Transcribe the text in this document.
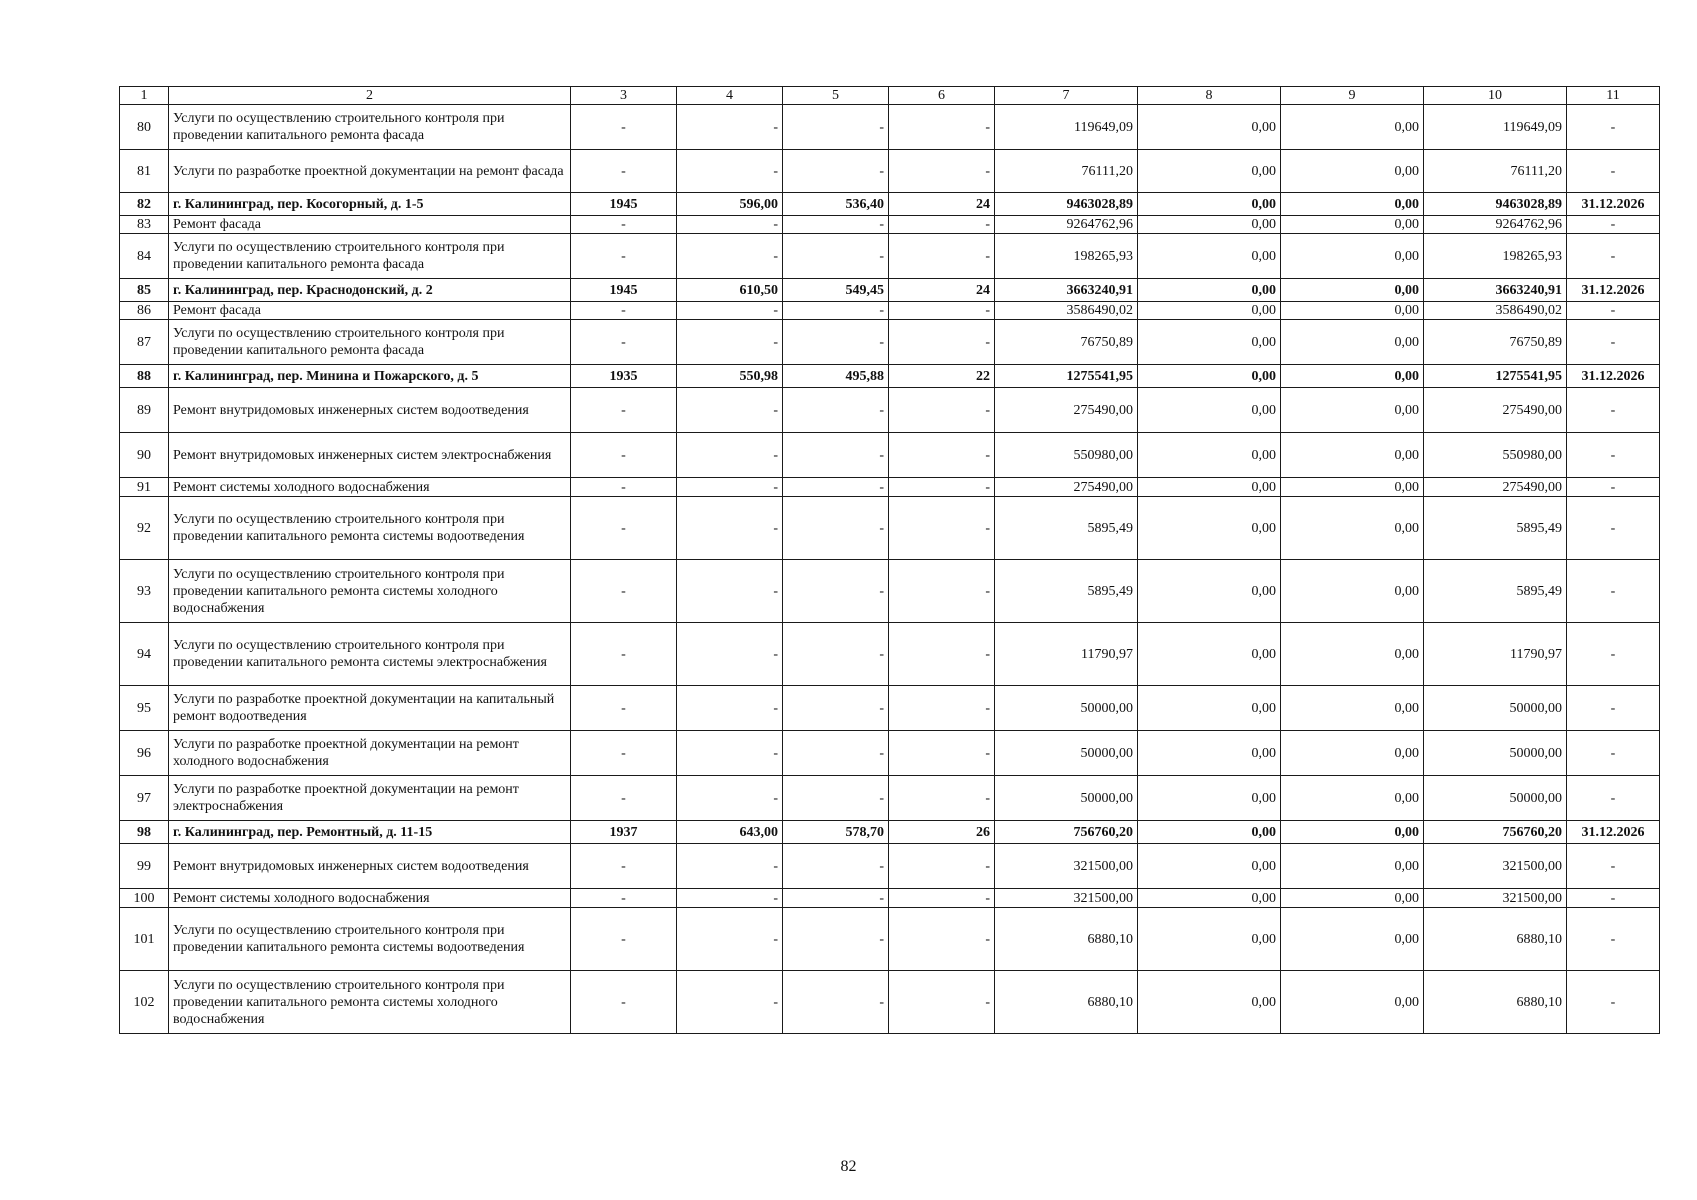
1	2	3	4	5	6	7	8	9	10	11
80	Услуги по осуществлению строительного контроля при проведении капитального ремонта фасада	-	-	-	-	119649,09	0,00	0,00	119649,09	-
81	Услуги по разработке проектной документации на ремонт фасада	-	-	-	-	76111,20	0,00	0,00	76111,20	-
82	г. Калининград, пер. Косогорный, д. 1-5	1945	596,00	536,40	24	9463028,89	0,00	0,00	9463028,89	31.12.2026
83	Ремонт фасада	-	-	-	-	9264762,96	0,00	0,00	9264762,96	-
84	Услуги по осуществлению строительного контроля при проведении капитального ремонта фасада	-	-	-	-	198265,93	0,00	0,00	198265,93	-
85	г. Калининград, пер. Краснодонский, д. 2	1945	610,50	549,45	24	3663240,91	0,00	0,00	3663240,91	31.12.2026
86	Ремонт фасада	-	-	-	-	3586490,02	0,00	0,00	3586490,02	-
87	Услуги по осуществлению строительного контроля при проведении капитального ремонта фасада	-	-	-	-	76750,89	0,00	0,00	76750,89	-
88	г. Калининград, пер. Минина и Пожарского, д. 5	1935	550,98	495,88	22	1275541,95	0,00	0,00	1275541,95	31.12.2026
89	Ремонт внутридомовых инженерных систем водоотведения	-	-	-	-	275490,00	0,00	0,00	275490,00	-
90	Ремонт внутридомовых инженерных систем электроснабжения	-	-	-	-	550980,00	0,00	0,00	550980,00	-
91	Ремонт системы холодного водоснабжения	-	-	-	-	275490,00	0,00	0,00	275490,00	-
92	Услуги по осуществлению строительного контроля при проведении капитального ремонта системы водоотведения	-	-	-	-	5895,49	0,00	0,00	5895,49	-
93	Услуги по осуществлению строительного контроля при проведении капитального ремонта системы холодного водоснабжения	-	-	-	-	5895,49	0,00	0,00	5895,49	-
94	Услуги по осуществлению строительного контроля при проведении капитального ремонта системы электроснабжения	-	-	-	-	11790,97	0,00	0,00	11790,97	-
95	Услуги по разработке проектной документации на капитальный ремонт водоотведения	-	-	-	-	50000,00	0,00	0,00	50000,00	-
96	Услуги по разработке проектной документации на ремонт холодного водоснабжения	-	-	-	-	50000,00	0,00	0,00	50000,00	-
97	Услуги по разработке проектной документации на ремонт электроснабжения	-	-	-	-	50000,00	0,00	0,00	50000,00	-
98	г. Калининград, пер. Ремонтный, д. 11-15	1937	643,00	578,70	26	756760,20	0,00	0,00	756760,20	31.12.2026
99	Ремонт внутридомовых инженерных систем водоотведения	-	-	-	-	321500,00	0,00	0,00	321500,00	-
100	Ремонт системы холодного водоснабжения	-	-	-	-	321500,00	0,00	0,00	321500,00	-
101	Услуги по осуществлению строительного контроля при проведении капитального ремонта системы водоотведения	-	-	-	-	6880,10	0,00	0,00	6880,10	-
102	Услуги по осуществлению строительного контроля при проведении капитального ремонта системы холодного водоснабжения	-	-	-	-	6880,10	0,00	0,00	6880,10	-
82
